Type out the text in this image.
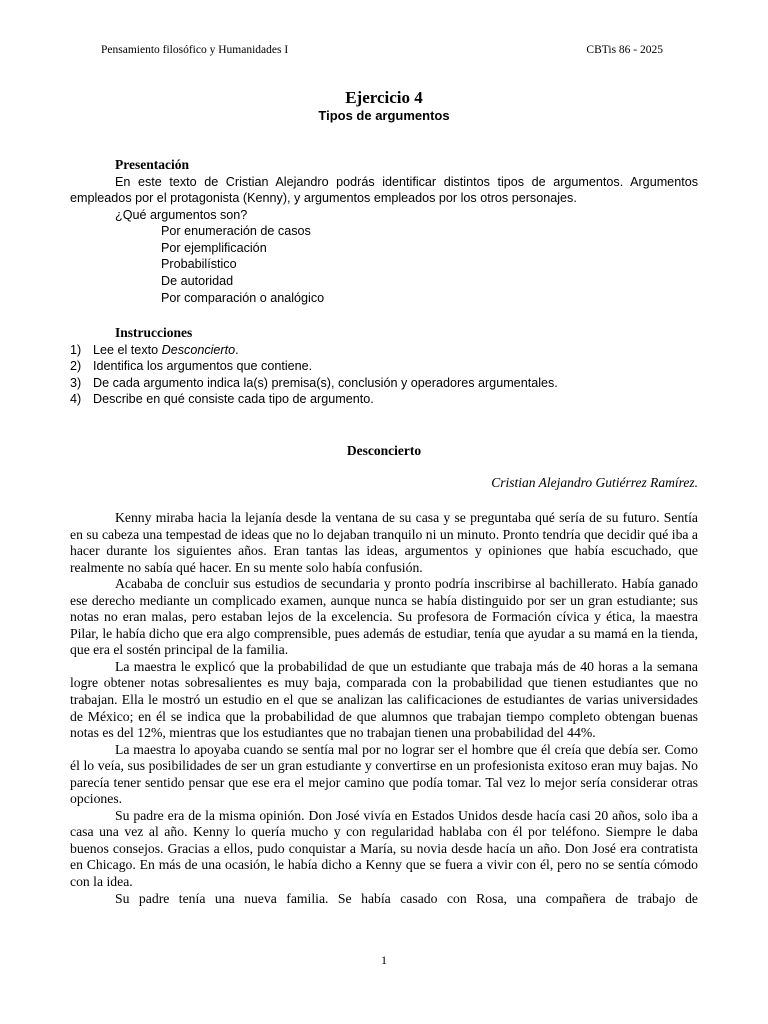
Pensamiento filosófico y Humanidades I	CBTis 86 - 2025
Ejercicio 4
Tipos de argumentos
Presentación
En este texto de Cristian Alejandro podrás identificar distintos tipos de argumentos. Argumentos empleados por el protagonista (Kenny), y argumentos empleados por los otros personajes.
¿Qué argumentos son?
Por enumeración de casos
Por ejemplificación
Probabilístico
De autoridad
Por comparación o analógico
Instrucciones
1) Lee el texto Desconcierto.
2) Identifica los argumentos que contiene.
3) De cada argumento indica la(s) premisa(s), conclusión y operadores argumentales.
4) Describe en qué consiste cada tipo de argumento.
Desconcierto
Cristian Alejandro Gutiérrez Ramírez.

Kenny miraba hacia la lejanía desde la ventana de su casa y se preguntaba qué sería de su futuro. Sentía en su cabeza una tempestad de ideas que no lo dejaban tranquilo ni un minuto. Pronto tendría que decidir qué iba a hacer durante los siguientes años. Eran tantas las ideas, argumentos y opiniones que había escuchado, que realmente no sabía qué hacer. En su mente solo había confusión.

Acababa de concluir sus estudios de secundaria y pronto podría inscribirse al bachillerato. Había ganado ese derecho mediante un complicado examen, aunque nunca se había distinguido por ser un gran estudiante; sus notas no eran malas, pero estaban lejos de la excelencia. Su profesora de Formación cívica y ética, la maestra Pilar, le había dicho que era algo comprensible, pues además de estudiar, tenía que ayudar a su mamá en la tienda, que era el sostén principal de la familia.

La maestra le explicó que la probabilidad de que un estudiante que trabaja más de 40 horas a la semana logre obtener notas sobresalientes es muy baja, comparada con la probabilidad que tienen estudiantes que no trabajan. Ella le mostró un estudio en el que se analizan las calificaciones de estudiantes de varias universidades de México; en él se indica que la probabilidad de que alumnos que trabajan tiempo completo obtengan buenas notas es del 12%, mientras que los estudiantes que no trabajan tienen una probabilidad del 44%.

La maestra lo apoyaba cuando se sentía mal por no lograr ser el hombre que él creía que debía ser. Como él lo veía, sus posibilidades de ser un gran estudiante y convertirse en un profesionista exitoso eran muy bajas. No parecía tener sentido pensar que ese era el mejor camino que podía tomar. Tal vez lo mejor sería considerar otras opciones.

Su padre era de la misma opinión. Don José vivía en Estados Unidos desde hacía casi 20 años, solo iba a casa una vez al año. Kenny lo quería mucho y con regularidad hablaba con él por teléfono. Siempre le daba buenos consejos. Gracias a ellos, pudo conquistar a María, su novia desde hacía un año. Don José era contratista en Chicago. En más de una ocasión, le había dicho a Kenny que se fuera a vivir con él, pero no se sentía cómodo con la idea.

Su padre tenía una nueva familia. Se había casado con Rosa, una compañera de trabajo de

1
